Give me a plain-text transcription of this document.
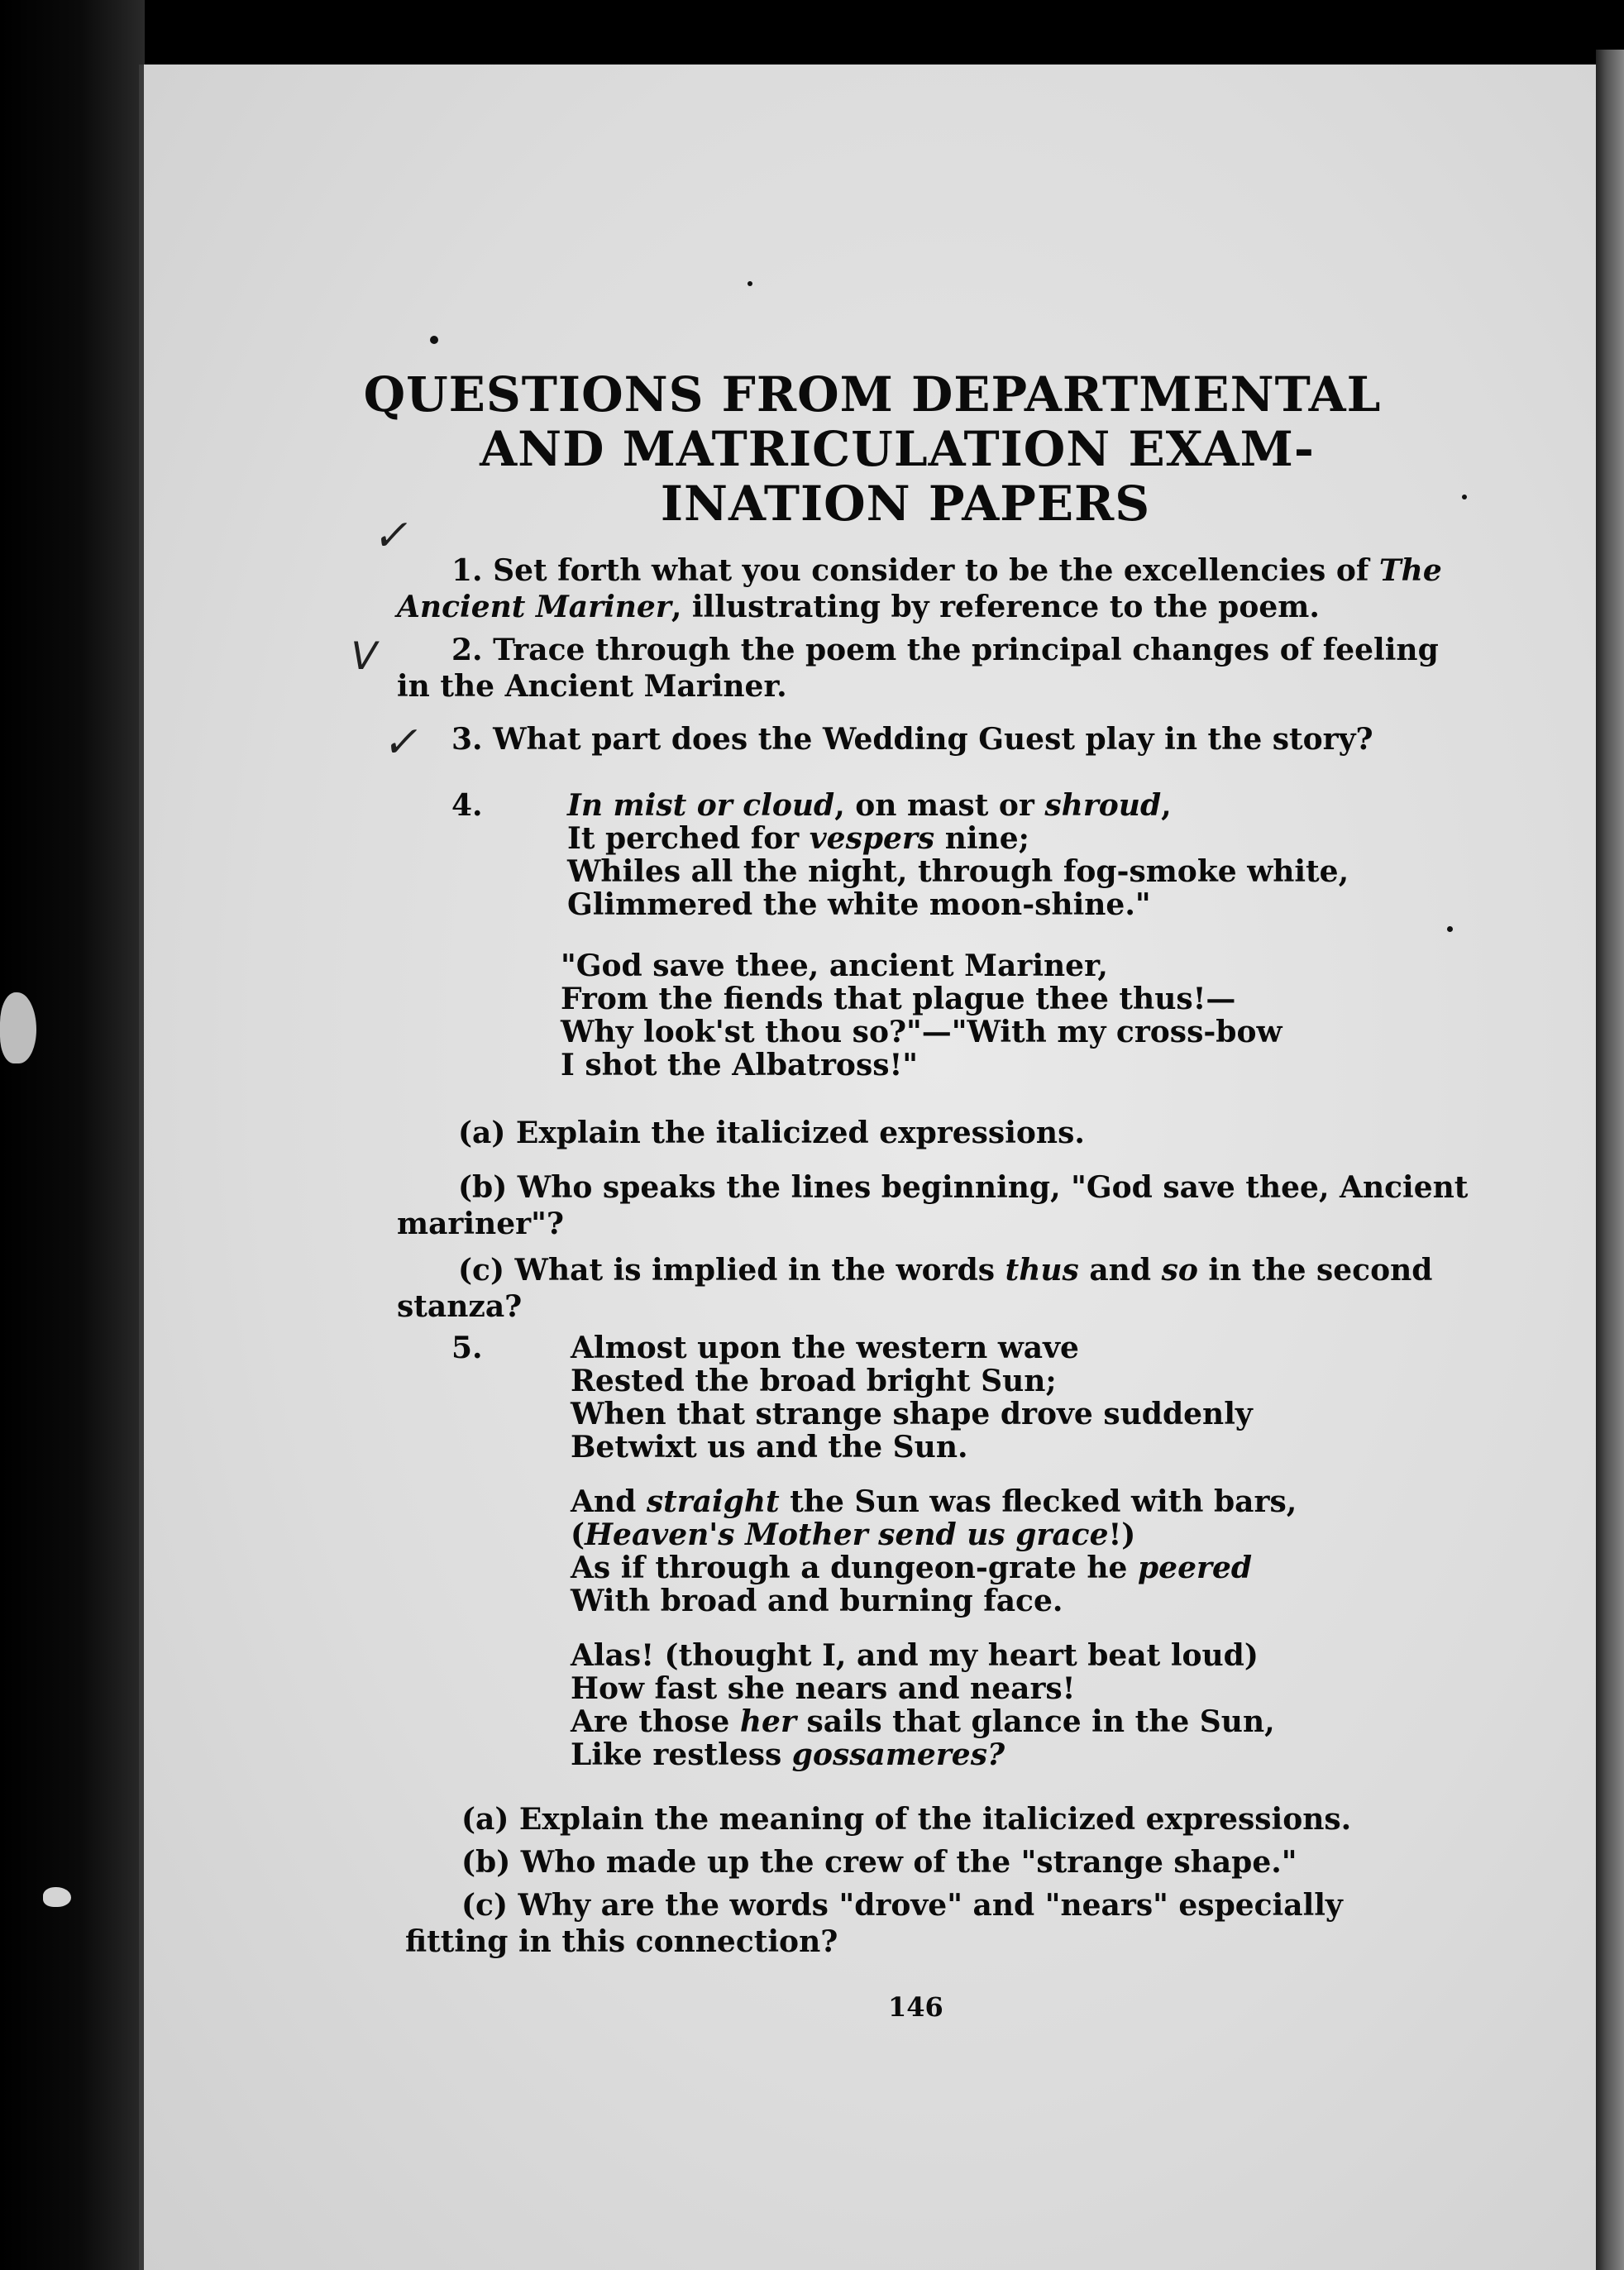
QUESTIONS FROM DEPARTMENTAL
AND MATRICULATION EXAM-
INATION PAPERS
✓
V
✓
1. Set forth what you consider to be the excellencies of The
Ancient Mariner, illustrating by reference to the poem.
2. Trace through the poem the principal changes of feeling
in the Ancient Mariner.
3. What part does the Wedding Guest play in the story?
4.	In mist or cloud, on mast or shroud,
It perched for vespers nine;
Whiles all the night, through fog-smoke white,
Glimmered the white moon-shine."
"God save thee, ancient Mariner,
From the fiends that plague thee thus!—
Why look'st thou so?"—"With my cross-bow
I shot the Albatross!"
(a) Explain the italicized expressions.
(b) Who speaks the lines beginning, "God save thee, Ancient
mariner"?
(c) What is implied in the words thus and so in the second
stanza?
5.	Almost upon the western wave
Rested the broad bright Sun;
When that strange shape drove suddenly
Betwixt us and the Sun.
And straight the Sun was flecked with bars,
(Heaven's Mother send us grace!)
As if through a dungeon-grate he peered
With broad and burning face.
Alas! (thought I, and my heart beat loud)
How fast she nears and nears!
Are those her sails that glance in the Sun,
Like restless gossameres?
(a) Explain the meaning of the italicized expressions.
(b) Who made up the crew of the "strange shape."
(c) Why are the words "drove" and "nears" especially
fitting in this connection?
146
